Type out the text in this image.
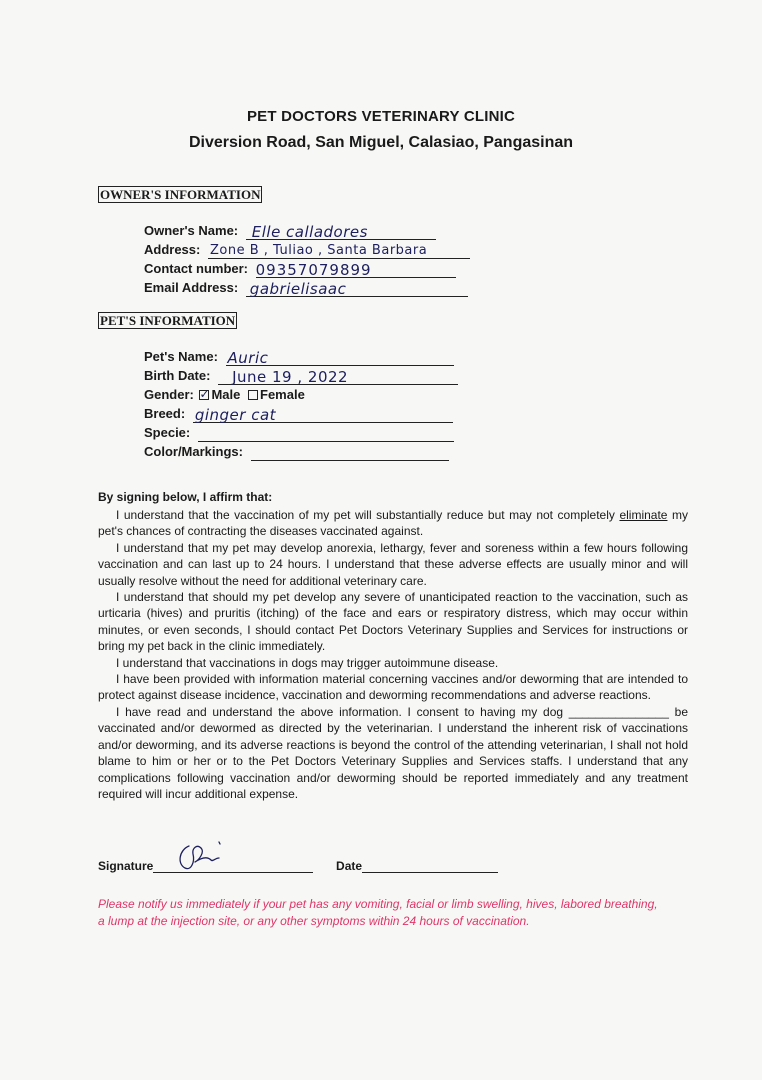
PET DOCTORS VETERINARY CLINIC
Diversion Road, San Miguel, Calasiao, Pangasinan
OWNER'S INFORMATION
Owner's Name: Elle calladores
Address: Zone B , Tuliao , Santa Barbara
Contact number: 09357079899
Email Address: gabrielisaac
PET'S INFORMATION
Pet's Name: Auric
Birth Date: June 19 , 2022
Gender: ✓ Male Female
Breed: ginger cat
Specie:
Color/Markings:
By signing below, I affirm that:

I understand that the vaccination of my pet will substantially reduce but may not completely eliminate my pet's chances of contracting the diseases vaccinated against.

I understand that my pet may develop anorexia, lethargy, fever and soreness within a few hours following vaccination and can last up to 24 hours. I understand that these adverse effects are usually minor and will usually resolve without the need for additional veterinary care.

I understand that should my pet develop any severe of unanticipated reaction to the vaccination, such as urticaria (hives) and pruritis (itching) of the face and ears or respiratory distress, which may occur within minutes, or even seconds, I should contact Pet Doctors Veterinary Supplies and Services for instructions or bring my pet back in the clinic immediately.

I understand that vaccinations in dogs may trigger autoimmune disease.

I have been provided with information material concerning vaccines and/or deworming that are intended to protect against disease incidence, vaccination and deworming recommendations and adverse reactions.

I have read and understand the above information. I consent to having my dog _______________ be vaccinated and/or dewormed as directed by the veterinarian. I understand the inherent risk of vaccinations and/or deworming, and its adverse reactions is beyond the control of the attending veterinarian, I shall not hold blame to him or her or to the Pet Doctors Veterinary Supplies and Services staffs. I understand that any complications following vaccination and/or deworming should be reported immediately and any treatment required will incur additional expense.

Signature	Date
Please notify us immediately if your pet has any vomiting, facial or limb swelling, hives, labored breathing, a lump at the injection site, or any other symptoms within 24 hours of vaccination.
